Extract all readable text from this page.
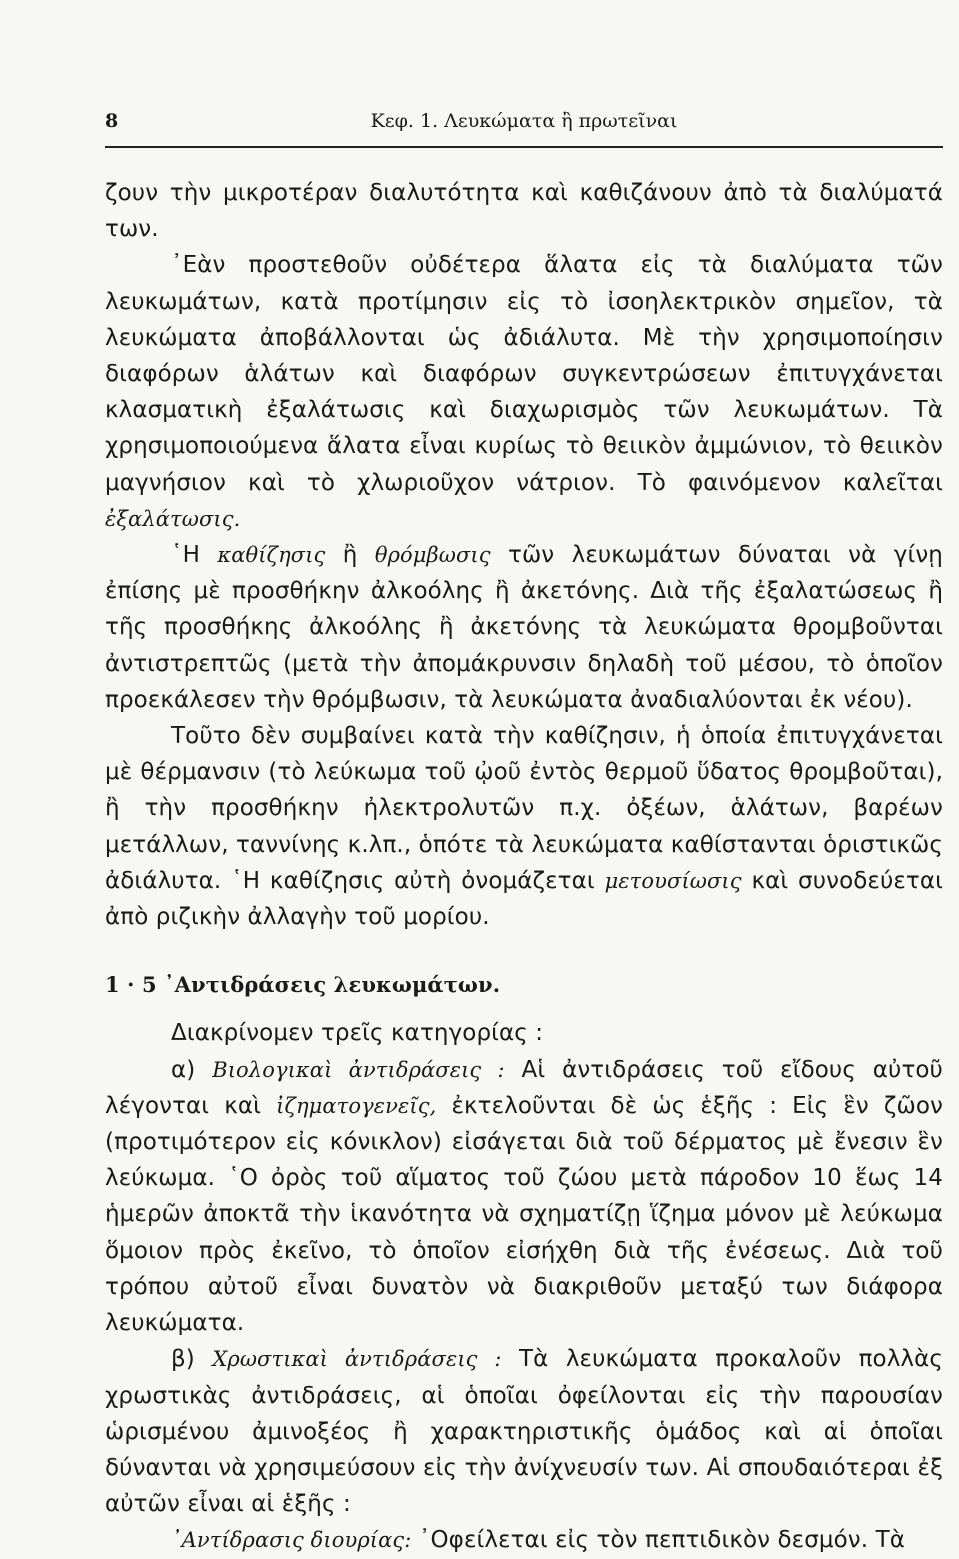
8	Κεφ. 1. Λευκώματα ἢ πρωτεῖναι

ζουν τὴν μικροτέραν διαλυτότητα καὶ καθιζάνουν ἀπὸ τὰ διαλύματά των.

᾿Εὰν προστεθοῦν οὐδέτερα ἅλατα εἰς τὰ διαλύματα τῶν λευκωμάτων, κατὰ προτίμησιν εἰς τὸ ἰσοηλεκτρικὸν σημεῖον, τὰ λευκώματα ἀποβάλλονται ὡς ἀδιάλυτα. Μὲ τὴν χρησιμοποίησιν διαφόρων ἁλάτων καὶ διαφόρων συγκεντρώσεων ἐπιτυγχάνεται κλασματικὴ ἐξαλάτωσις καὶ διαχωρισμὸς τῶν λευκωμάτων. Τὰ χρησιμοποιούμενα ἅλατα εἶναι κυρίως τὸ θειικὸν ἀμμώνιον, τὸ θειικὸν μαγνήσιον καὶ τὸ χλωριοῦχον νάτριον. Τὸ φαινόμενον καλεῖται ἐξαλάτωσις.

῾Η καθίζησις ἢ θρόμβωσις τῶν λευκωμάτων δύναται νὰ γίνῃ ἐπίσης μὲ προσθήκην ἀλκοόλης ἢ ἀκετόνης. Διὰ τῆς ἐξαλατώσεως ἢ τῆς προσθήκης ἀλκοόλης ἢ ἀκετόνης τὰ λευκώματα θρομβοῦνται ἀντιστρεπτῶς (μετὰ τὴν ἀπομάκρυνσιν δηλαδὴ τοῦ μέσου, τὸ ὁποῖον προεκάλεσεν τὴν θρόμβωσιν, τὰ λευκώματα ἀναδιαλύονται ἐκ νέου).

Τοῦτο δὲν συμβαίνει κατὰ τὴν καθίζησιν, ἡ ὁποία ἐπιτυγχάνεται μὲ θέρμανσιν (τὸ λεύκωμα τοῦ ᾠοῦ ἐντὸς θερμοῦ ὕδατος θρομβοῦται), ἢ τὴν προσθήκην ἠλεκτρολυτῶν π.χ. ὀξέων, ἁλάτων, βαρέων μετάλλων, ταννίνης κ.λπ., ὁπότε τὰ λευκώματα καθίστανται ὁριστικῶς ἀδιάλυτα. ῾Η καθίζησις αὐτὴ ὀνομάζεται μετουσίωσις καὶ συνοδεύεται ἀπὸ ριζικὴν ἀλλαγὴν τοῦ μορίου.

1 · 5 ᾿Αντιδράσεις λευκωμάτων.

Διακρίνομεν τρεῖς κατηγορίας :

α) Βιολογικαὶ ἀντιδράσεις : Αἱ ἀντιδράσεις τοῦ εἴδους αὐτοῦ λέγονται καὶ ἰζηματογενεῖς, ἐκτελοῦνται δὲ ὡς ἑξῆς : Εἰς ἓν ζῶον (προτιμότερον εἰς κόνικλον) εἰσάγεται διὰ τοῦ δέρματος μὲ ἔνεσιν ἓν λεύκωμα. ῾Ο ὀρὸς τοῦ αἵματος τοῦ ζώου μετὰ πάροδον 10 ἕως 14 ἡμερῶν ἀποκτᾶ τὴν ἱκανότητα νὰ σχηματίζῃ ἵζημα μόνον μὲ λεύκωμα ὅμοιον πρὸς ἐκεῖνο, τὸ ὁποῖον εἰσήχθη διὰ τῆς ἐνέσεως. Διὰ τοῦ τρόπου αὐτοῦ εἶναι δυνατὸν νὰ διακριθοῦν μεταξύ των διάφορα λευκώματα.

β) Χρωστικαὶ ἀντιδράσεις : Τὰ λευκώματα προκαλοῦν πολλὰς χρωστικὰς ἀντιδράσεις, αἱ ὁποῖαι ὀφείλονται εἰς τὴν παρουσίαν ὡρισμένου ἀμινοξέος ἢ χαρακτηριστικῆς ὁμάδος καὶ αἱ ὁποῖαι δύνανται νὰ χρησιμεύσουν εἰς τὴν ἀνίχνευσίν των. Αἱ σπουδαιότεραι ἐξ αὐτῶν εἶναι αἱ ἑξῆς :

᾿Αντίδρασις διουρίας: ᾿Οφείλεται εἰς τὸν πεπτιδικὸν δεσμόν. Τὰ
